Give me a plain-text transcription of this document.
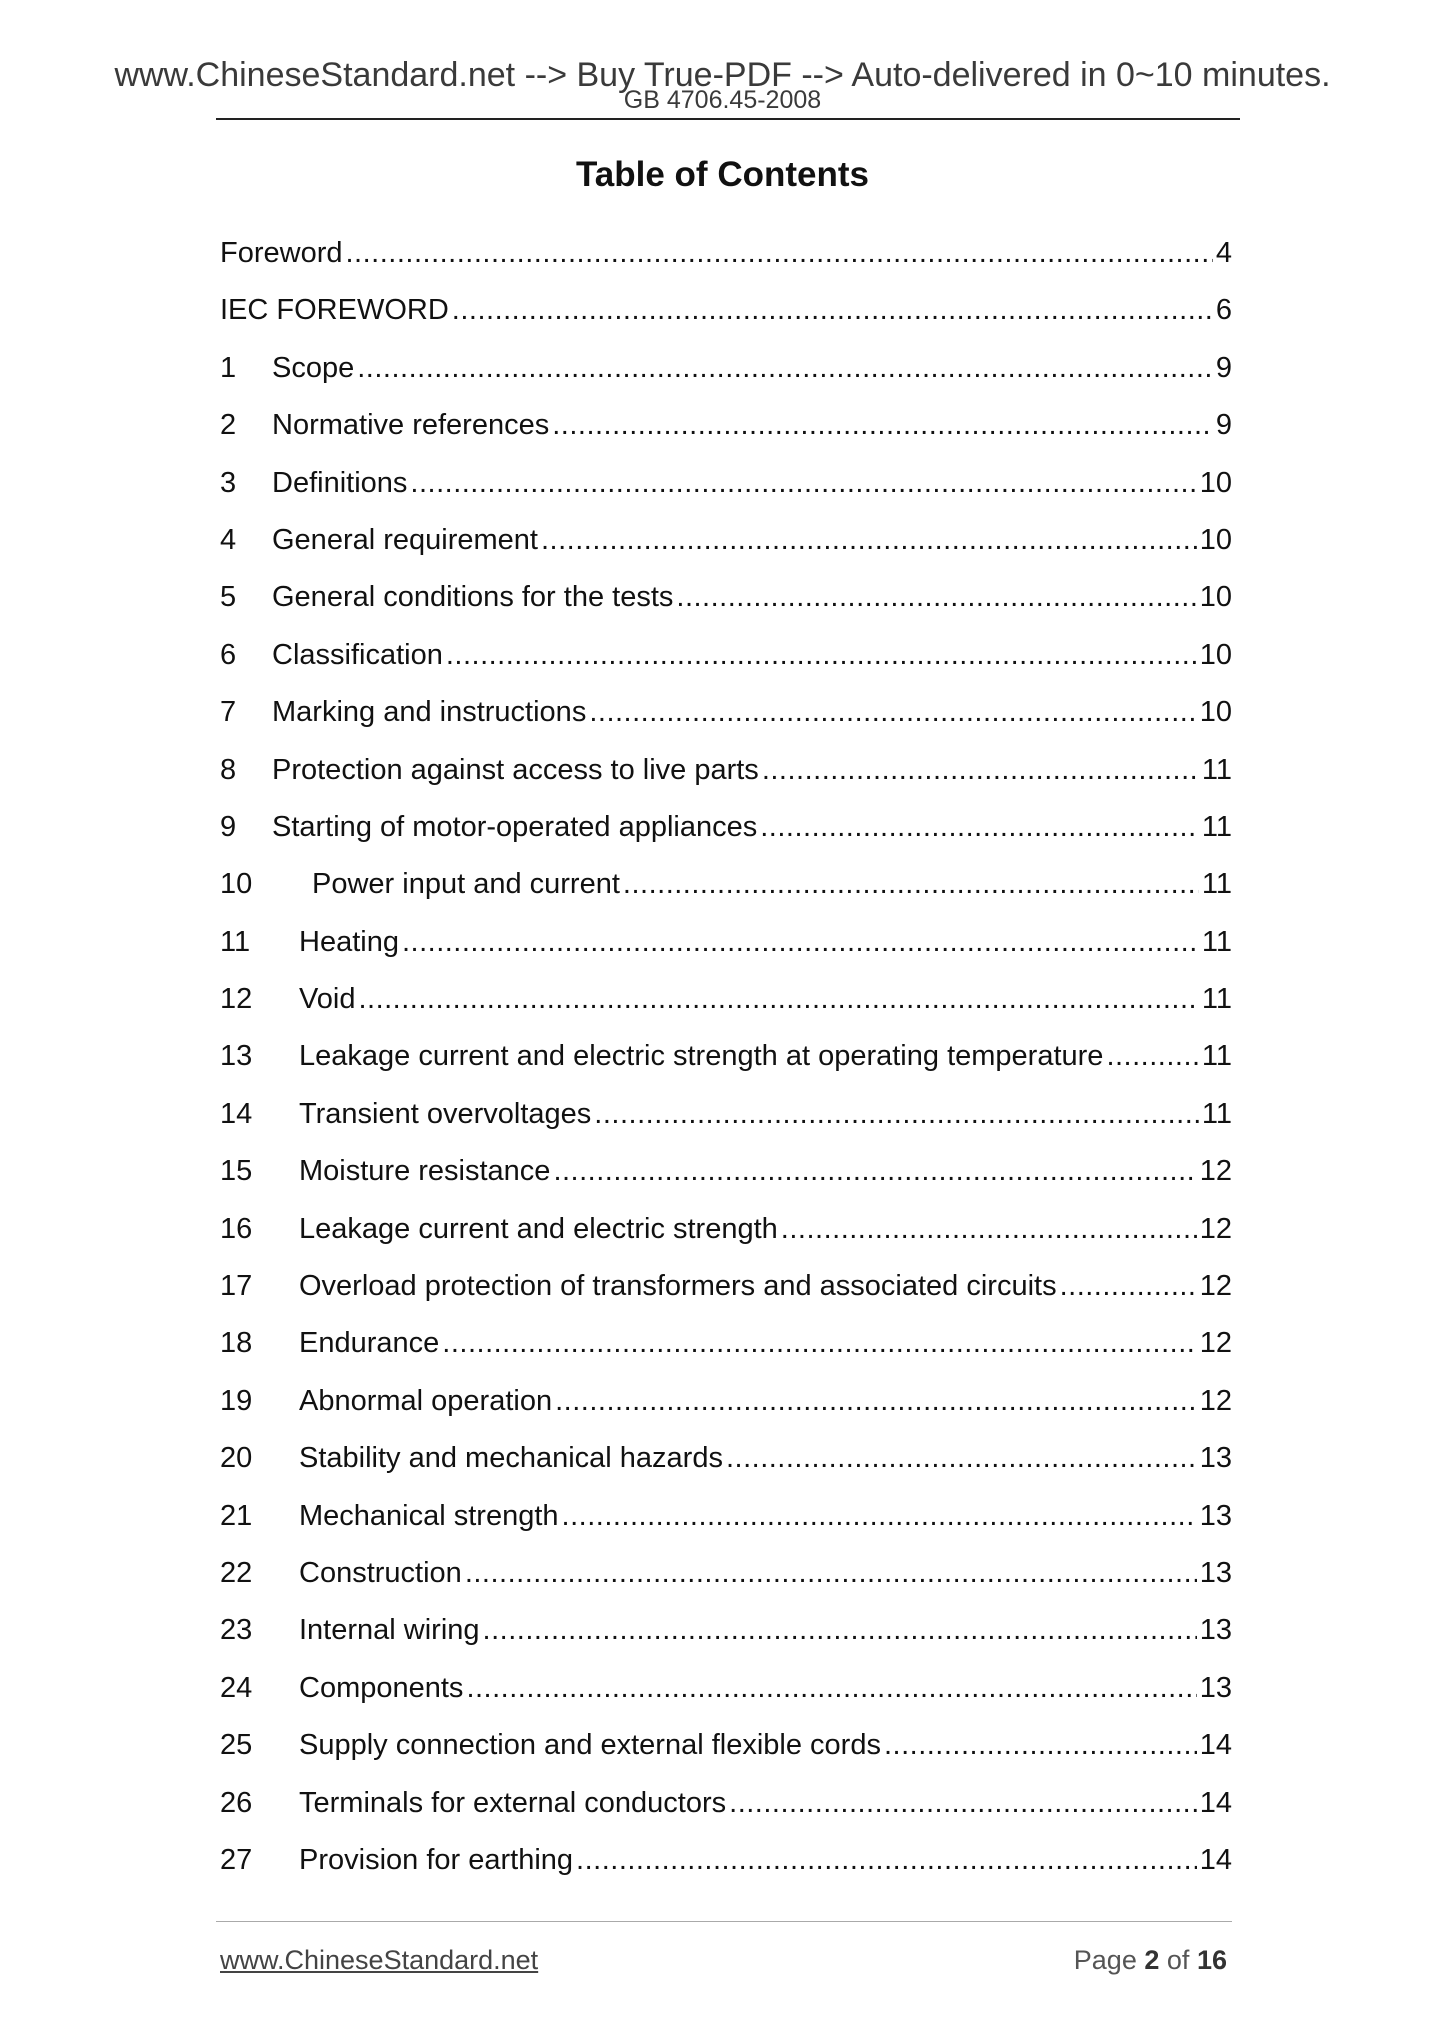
www.ChineseStandard.net --> Buy True-PDF --> Auto-delivered in 0~10 minutes.
GB 4706.45-2008
Table of Contents
Foreword .....	4
IEC FOREWORD .....	6
1	Scope .....	9
2	Normative references .....	9
3	Definitions .....	10
4	General requirement .....	10
5	General conditions for the tests .....	10
6	Classification .....	10
7	Marking and instructions .....	10
8	Protection against access to live parts .....	11
9	Starting of motor-operated appliances .....	11
10	Power input and current .....	11
11	Heating .....	11
12	Void .....	11
13	Leakage current and electric strength at operating temperature .....	11
14	Transient overvoltages .....	11
15	Moisture resistance .....	12
16	Leakage current and electric strength .....	12
17	Overload protection of transformers and associated circuits .....	12
18	Endurance .....	12
19	Abnormal operation .....	12
20	Stability and mechanical hazards .....	13
21	Mechanical strength .....	13
22	Construction .....	13
23	Internal wiring .....	13
24	Components .....	13
25	Supply connection and external flexible cords .....	14
26	Terminals for external conductors .....	14
27	Provision for earthing .....	14
www.ChineseStandard.net	Page 2 of 16
